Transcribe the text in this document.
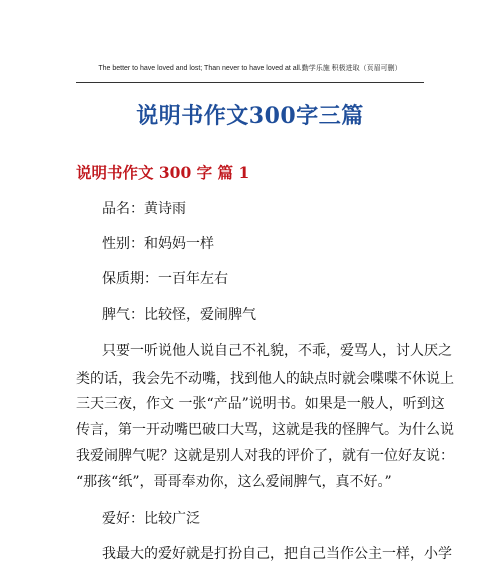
The better to have loved and lost; Than never to have loved at all.勤学乐施 积极进取（页眉可删）
说明书作文300字三篇
说明书作文 300 字 篇 1
品名：黄诗雨
性别：和妈妈一样
保质期：一百年左右
脾气：比较怪，爱闹脾气
只要一听说他人说自己不礼貌，不乖，爱骂人，讨人厌之
类的话，我会先不动嘴，找到他人的缺点时就会喋喋不休说上
三天三夜，作文 一张“产品”说明书。如果是一般人，听到这
传言，第一开动嘴巴破口大骂，这就是我的怪脾气。为什么说
我爱闹脾气呢？这就是别人对我的评价了，就有一位好友说：
“那孩“纸”，哥哥奉劝你，这么爱闹脾气，真不好。”
爱好：比较广泛
我最大的爱好就是打扮自己，把自己当作公主一样，小学
